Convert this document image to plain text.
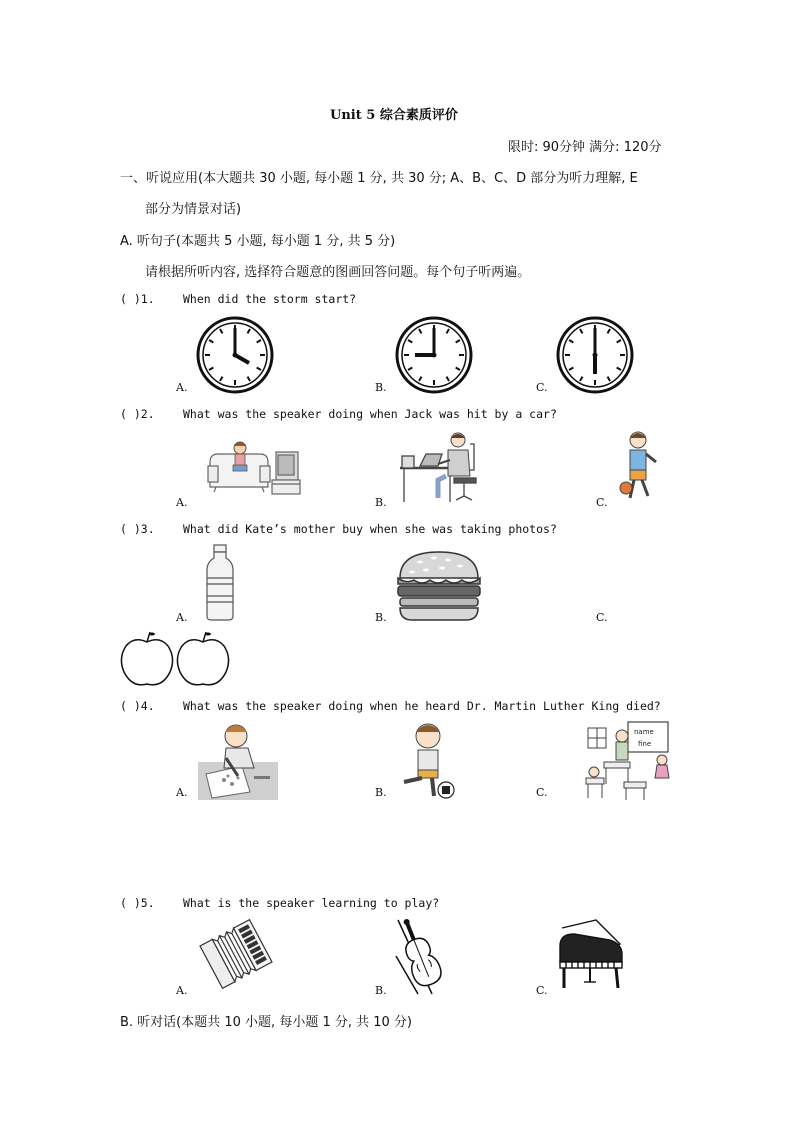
Unit 5 综合素质评价
限时: 90分钟 满分: 120分
一、听说应用(本大题共 30 小题, 每小题 1 分, 共 30 分; A、B、C、D 部分为听力理解, E
部分为情景对话)
A. 听句子(本题共 5 小题, 每小题 1 分, 共 5 分)
请根据所听内容, 选择符合题意的图画回答问题。每个句子听两遍。
( )1. When did the storm start?
A.	B.	C.
( )2. What was the speaker doing when Jack was hit by a car?
A.	B.	C.
( )3. What did Kate’s mother buy when she was taking photos?
A.	B.	C.
( )4. What was the speaker doing when he heard Dr. Martin Luther King died?
A.	B.
name
fine
C.
( )5. What is the speaker learning to play?
A.	B.	C.
B. 听对话(本题共 10 小题, 每小题 1 分, 共 10 分)
